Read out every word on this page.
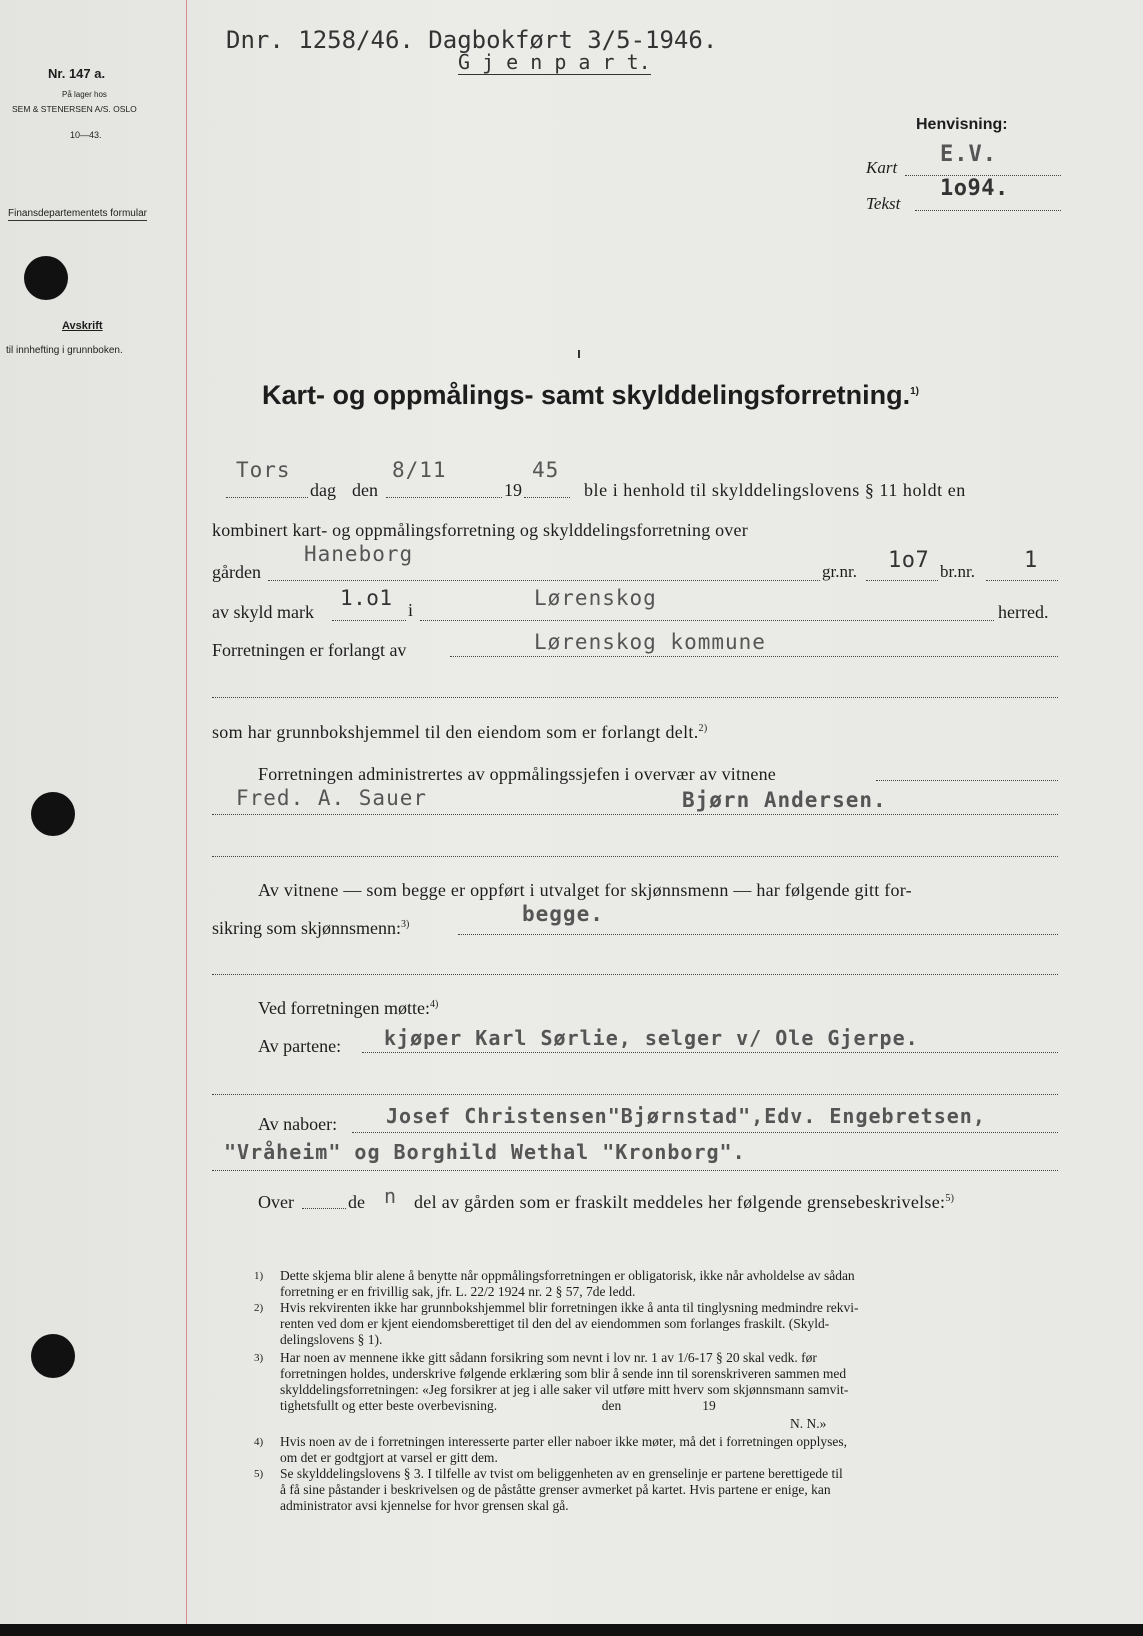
Nr. 147 a.
På lager hos
SEM & STENERSEN A/S. OSLO
10—43.
Finansdepartementets formular
Avskrift
til innhefting i grunnboken.
Dnr. 1258/46. Dagbokført 3/5-1946.
G j e n p a r t.
Henvisning:
Kart
E.V.
Tekst
1o94.
Kart- og oppmålings- samt skylddelingsforretning.$^{1)}$
Tors
dag den
8/11
19
45
ble i henhold til skylddelingslovens § 11 holdt en
kombinert kart- og oppmålingsforretning og skylddelingsforretning over
Haneborg
gården	gr.nr. 1o7 br.nr. 1
av skyld mark
1.o1 i	Lørenskog
herred.
Forretningen er forlangt av	Lørenskog kommune
som har grunnbokshjemmel til den eiendom som er forlangt delt.$^{2)}$
Forretningen administrertes av oppmålingssjefen i overvær av vitnene
Fred. A. Sauer	Bjørn Andersen.
Av vitnene — som begge er oppført i utvalget for skjønnsmenn — har følgende gitt for-
sikring som skjønnsmenn:$^{3)}$	begge.
Ved forretningen møtte:$^{4)}$
Av partene: kjøper Karl Sørlie, selger v/ Ole Gjerpe.
Josef Christensen"Bjørnstad",Edv. Engebretsen,
Av naboer:
"Vråheim" og Borghild Wethal "Kronborg".
Over	de n del av gården som er fraskilt meddeles her følgende grensebeskrivelse:$^{5)}$
1) Dette skjema blir alene å benytte når oppmålingsforretningen er obligatorisk, ikke når avholdelse av sådan
forretning er en frivillig sak, jfr. L. 22/2 1924 nr. 2 § 57, 7de ledd.
2) Hvis rekvirenten ikke har grunnbokshjemmel blir forretningen ikke å anta til tinglysning medmindre rekvi-
renten ved dom er kjent eiendomsberettiget til den del av eiendommen som forlanges fraskilt. (Skyld-
delingslovens § 1).
3) Har noen av mennene ikke gitt sådann forsikring som nevnt i lov nr. 1 av 1/6-17 § 20 skal vedk. før
forretningen holdes, underskrive følgende erklæring som blir å sende inn til sorenskriveren sammen med
skylddelingsforretningen: «Jeg forsikrer at jeg i alle saker vil utføre mitt hverv som skjønnsmann samvit-
tighetsfullt og etter beste overbevisning.                               den                        19
N. N.»
4) Hvis noen av de i forretningen interesserte parter eller naboer ikke møter, må det i forretningen opplyses,
om det er godtgjort at varsel er gitt dem.
5) Se skylddelingslovens § 3. I tilfelle av tvist om beliggenheten av en grenselinje er partene berettigede til
å få sine påstander i beskrivelsen og de påståtte grenser avmerket på kartet. Hvis partene er enige, kan
administrator avsi kjennelse for hvor grensen skal gå.
